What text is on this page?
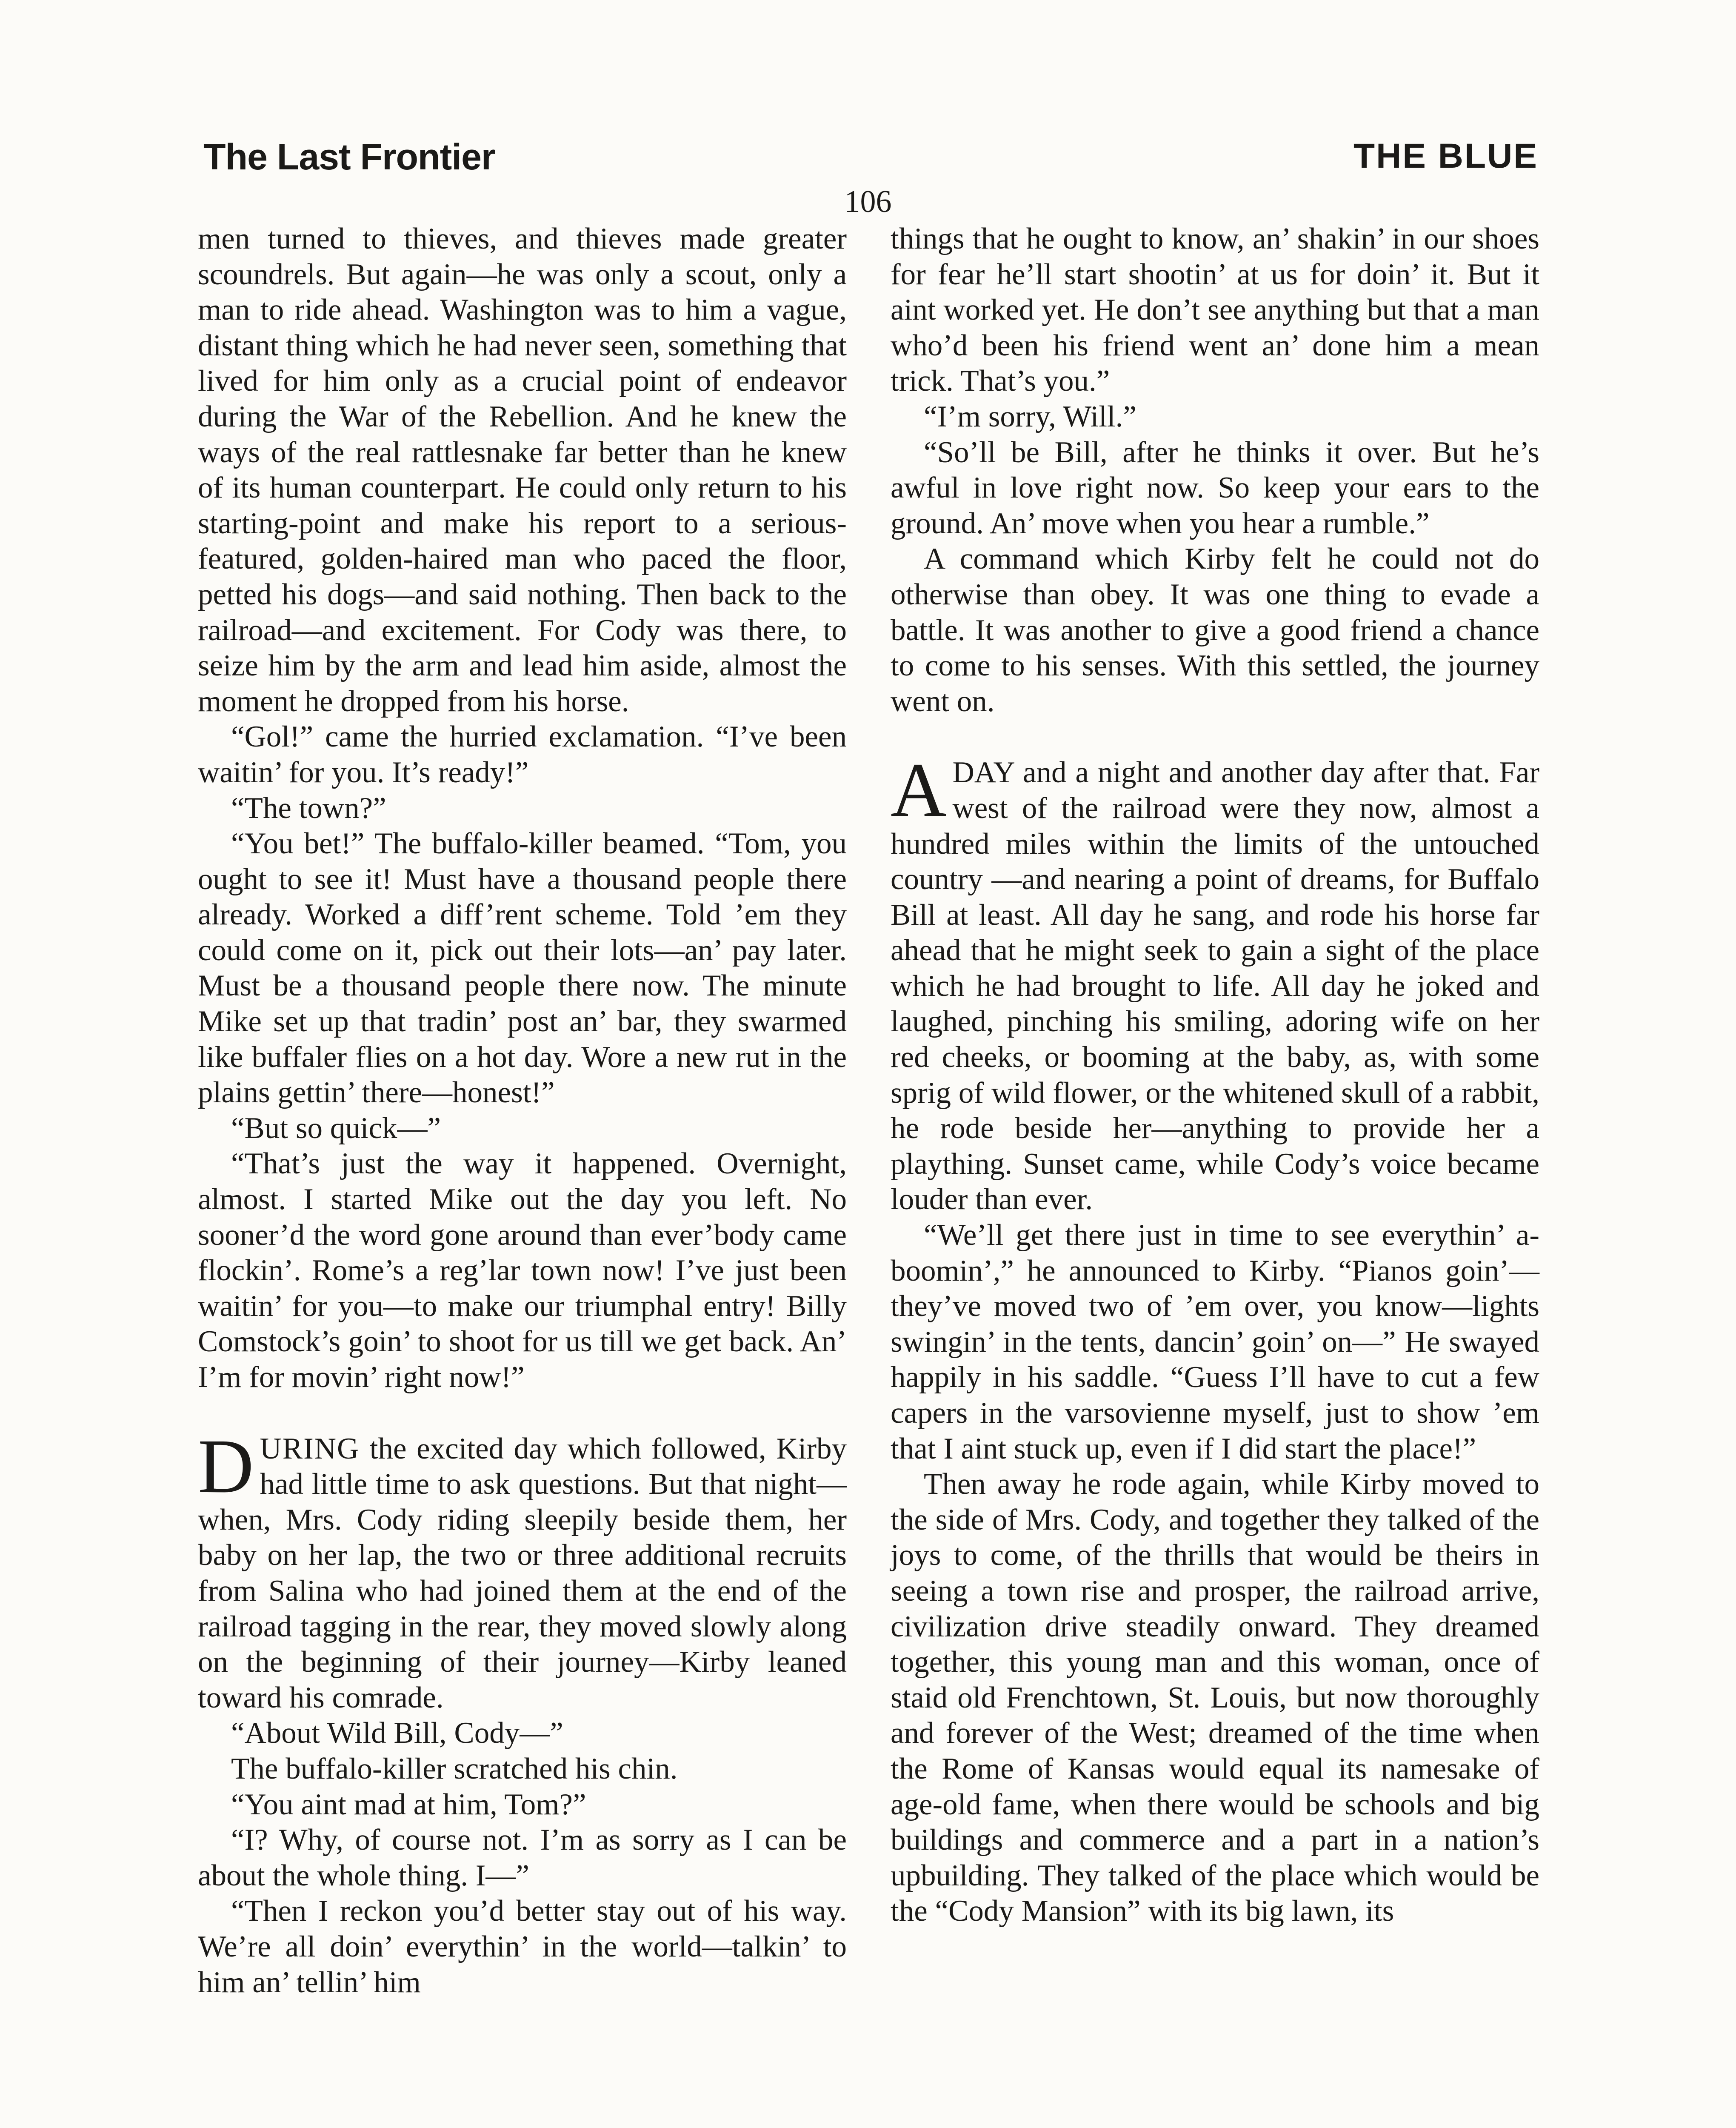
The Last Frontier	THE BLUE
106

men turned to thieves, and thieves made greater scoundrels. But again—he was only a scout, only a man to ride ahead. Washington was to him a vague, distant thing which he had never seen, something that lived for him only as a crucial point of endeavor during the War of the Rebellion. And he knew the ways of the real rattlesnake far better than he knew of its human counterpart. He could only return to his starting-point and make his report to a serious-featured, golden-haired man who paced the floor, petted his dogs—and said nothing. Then back to the railroad—and excitement. For Cody was there, to seize him by the arm and lead him aside, almost the moment he dropped from his horse.

“Gol!” came the hurried exclamation. “I’ve been waitin’ for you. It’s ready!”

“The town?”

“You bet!” The buffalo-killer beamed. “Tom, you ought to see it! Must have a thousand people there already. Worked a diff’rent scheme. Told ’em they could come on it, pick out their lots—an’ pay later. Must be a thousand people there now. The minute Mike set up that tradin’ post an’ bar, they swarmed like buffaler flies on a hot day. Wore a new rut in the plains gettin’ there—honest!”

“But so quick—”

“That’s just the way it happened. Overnight, almost. I started Mike out the day you left. No sooner’d the word gone around than ever’body came flockin’. Rome’s a reg’lar town now! I’ve just been waitin’ for you—to make our triumphal entry! Billy Comstock’s goin’ to shoot for us till we get back. An’ I’m for movin’ right now!”

DURING the excited day which followed, Kirby had little time to ask questions. But that night—when, Mrs. Cody riding sleepily beside them, her baby on her lap, the two or three additional recruits from Salina who had joined them at the end of the railroad tagging in the rear, they moved slowly along on the beginning of their journey—Kirby leaned toward his comrade.

“About Wild Bill, Cody—”

The buffalo-killer scratched his chin.

“You aint mad at him, Tom?”

“I? Why, of course not. I’m as sorry as I can be about the whole thing. I—”

“Then I reckon you’d better stay out of his way. We’re all doin’ everythin’ in the world—talkin’ to him an’ tellin’ him

things that he ought to know, an’ shakin’ in our shoes for fear he’ll start shootin’ at us for doin’ it. But it aint worked yet. He don’t see anything but that a man who’d been his friend went an’ done him a mean trick. That’s you.”

“I’m sorry, Will.”

“So’ll be Bill, after he thinks it over. But he’s awful in love right now. So keep your ears to the ground. An’ move when you hear a rumble.”

A command which Kirby felt he could not do otherwise than obey. It was one thing to evade a battle. It was another to give a good friend a chance to come to his senses. With this settled, the journey went on.

ADAY and a night and another day after that. Far west of the railroad were they now, almost a hundred miles within the limits of the untouched country —and nearing a point of dreams, for Buffalo Bill at least. All day he sang, and rode his horse far ahead that he might seek to gain a sight of the place which he had brought to life. All day he joked and laughed, pinching his smiling, adoring wife on her red cheeks, or booming at the baby, as, with some sprig of wild flower, or the whitened skull of a rabbit, he rode beside her—anything to provide her a plaything. Sunset came, while Cody’s voice became louder than ever.

“We’ll get there just in time to see everythin’ a-boomin’,” he announced to Kirby. “Pianos goin’—they’ve moved two of ’em over, you know—lights swingin’ in the tents, dancin’ goin’ on—” He swayed happily in his saddle. “Guess I’ll have to cut a few capers in the varsovienne myself, just to show ’em that I aint stuck up, even if I did start the place!”

Then away he rode again, while Kirby moved to the side of Mrs. Cody, and together they talked of the joys to come, of the thrills that would be theirs in seeing a town rise and prosper, the railroad arrive, civilization drive steadily onward. They dreamed together, this young man and this woman, once of staid old Frenchtown, St. Louis, but now thoroughly and forever of the West; dreamed of the time when the Rome of Kansas would equal its namesake of age-old fame, when there would be schools and big buildings and commerce and a part in a nation’s upbuilding. They talked of the place which would be the “Cody Mansion” with its big lawn, its
